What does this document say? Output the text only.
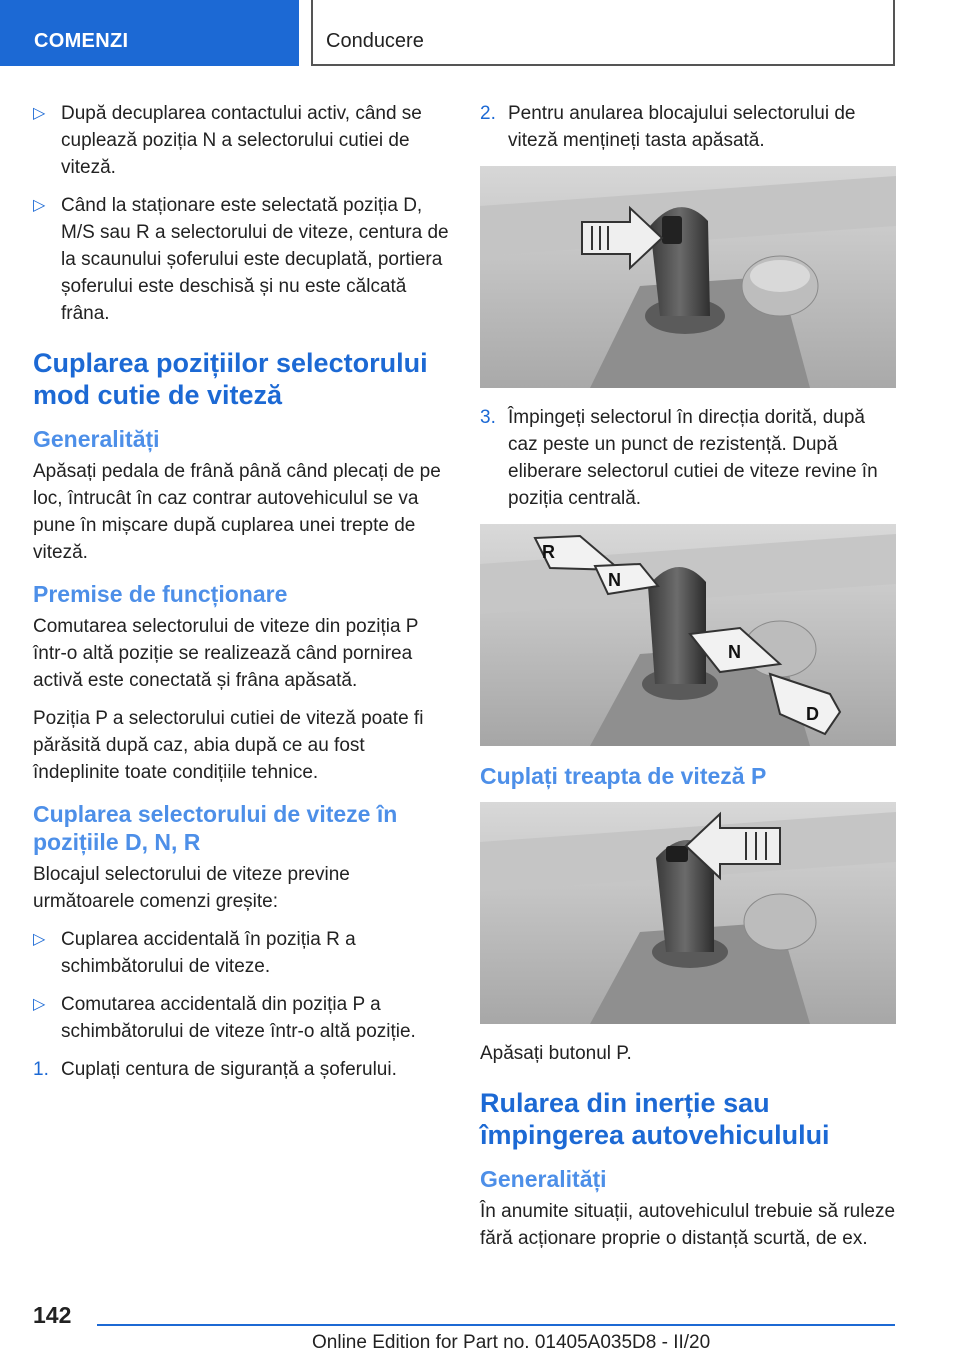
COMENZI	Conducere
▷ După decuplarea contactului activ, când se cuplează poziția N a selectorului cutiei de viteză.
▷ Când la staționare este selectată poziția D, M/S sau R a selectorului de viteze, centura de la scaunului șoferului este decuplată, portiera șoferului este deschisă și nu este călcată frâna.
Cuplarea pozițiilor selectorului mod cutie de viteză
Generalități

Apăsați pedala de frână până când plecați de pe loc, întrucât în caz contrar autovehiculul se va pune în mișcare după cuplarea unei trepte de viteză.

Premise de funcționare

Comutarea selectorului de viteze din poziția P într-o altă poziție se realizează când pornirea activă este conectată și frâna apăsată.

Poziția P a selectorului cutiei de viteză poate fi părăsită după caz, abia după ce au fost îndeplinite toate condițiile tehnice.

Cuplarea selectorului de viteze în pozițiile D, N, R

Blocajul selectorului de viteze previne următoarele comenzi greșite:

▷ Cuplarea accidentală în poziția R a schimbătorului de viteze.
▷ Comutarea accidentală din poziția P a schimbătorului de viteze într-o altă poziție.
1. Cuplați centura de siguranță a șoferului.
2. Pentru anularea blocajului selectorului de viteză mențineți tasta apăsată.
3. Împingeți selectorul în direcția dorită, după caz peste un punct de rezistență. După eliberare selectorul cutiei de viteze revine în poziția centrală.
R
N
N
D
Cuplați treapta de viteză P

Apăsați butonul P.

Rularea din inerție sau împingerea autovehiculului
Generalități

În anumite situații, autovehiculul trebuie să ruleze fără acționare proprie o distanță scurtă, de ex.

142
Online Edition for Part no. 01405A035D8 - II/20
